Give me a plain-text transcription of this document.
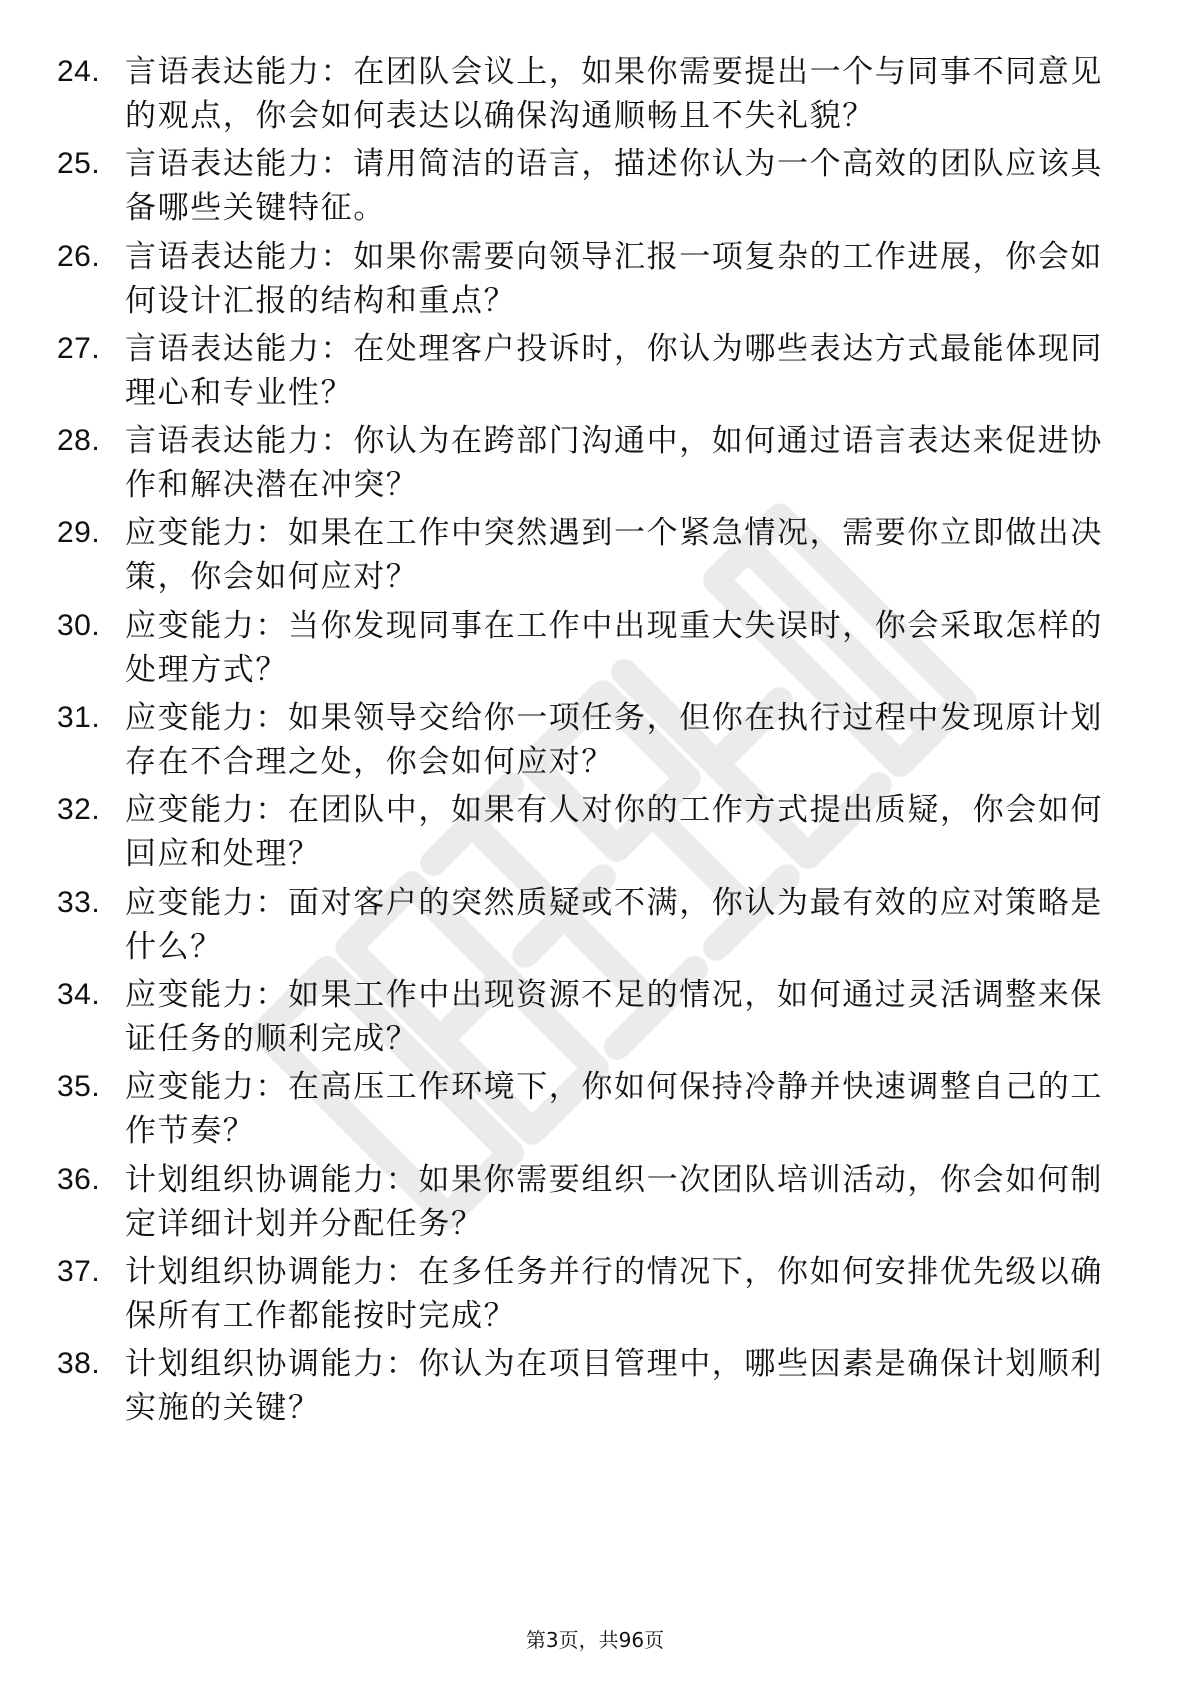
24. 言语表达能力：在团队会议上，如果你需要提出一个与同事不同意见的观点，你会如何表达以确保沟通顺畅且不失礼貌？
25. 言语表达能力：请用简洁的语言，描述你认为一个高效的团队应该具备哪些关键特征。
26. 言语表达能力：如果你需要向领导汇报一项复杂的工作进展，你会如何设计汇报的结构和重点？
27. 言语表达能力：在处理客户投诉时，你认为哪些表达方式最能体现同理心和专业性？
28. 言语表达能力：你认为在跨部门沟通中，如何通过语言表达来促进协作和解决潜在冲突？
29. 应变能力：如果在工作中突然遇到一个紧急情况，需要你立即做出决策，你会如何应对？
30. 应变能力：当你发现同事在工作中出现重大失误时，你会采取怎样的处理方式？
31. 应变能力：如果领导交给你一项任务，但你在执行过程中发现原计划存在不合理之处，你会如何应对？
32. 应变能力：在团队中，如果有人对你的工作方式提出质疑，你会如何回应和处理？
33. 应变能力：面对客户的突然质疑或不满，你认为最有效的应对策略是什么？
34. 应变能力：如果工作中出现资源不足的情况，如何通过灵活调整来保证任务的顺利完成？
35. 应变能力：在高压工作环境下，你如何保持冷静并快速调整自己的工作节奏？
36. 计划组织协调能力：如果你需要组织一次团队培训活动，你会如何制定详细计划并分配任务？
37. 计划组织协调能力：在多任务并行的情况下，你如何安排优先级以确保所有工作都能按时完成？
38. 计划组织协调能力：你认为在项目管理中，哪些因素是确保计划顺利实施的关键？
第3页，共96页
